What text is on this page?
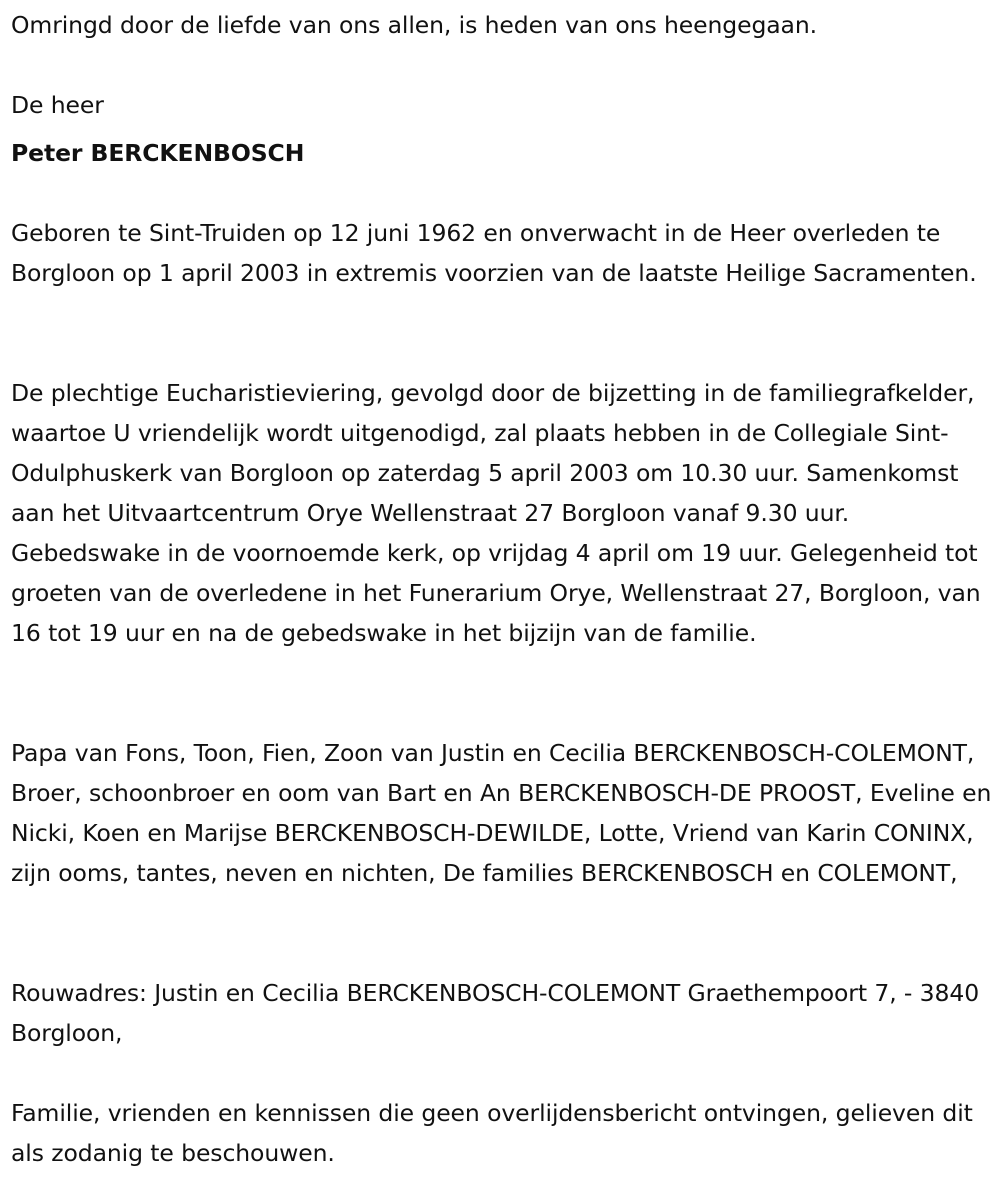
Omringd door de liefde van ons allen, is heden van ons heengegaan.

De heer

Peter BERCKENBOSCH

Geboren te Sint-Truiden op 12 juni 1962 en onverwacht in de Heer overleden te Borgloon op 1 april 2003 in extremis voorzien van de laatste Heilige Sacramenten.

De plechtige Eucharistieviering, gevolgd door de bijzetting in de familiegrafkelder, waartoe U vriendelijk wordt uitgenodigd, zal plaats hebben in de Collegiale Sint-Odulphuskerk van Borgloon op zaterdag 5 april 2003 om 10.30 uur. Samenkomst aan het Uitvaartcentrum Orye Wellenstraat 27 Borgloon vanaf 9.30 uur. Gebedswake in de voornoemde kerk, op vrijdag 4 april om 19 uur. Gelegenheid tot groeten van de overledene in het Funerarium Orye, Wellenstraat 27, Borgloon, van 16 tot 19 uur en na de gebedswake in het bijzijn van de familie.

Papa van Fons, Toon, Fien, Zoon van Justin en Cecilia BERCKENBOSCH-COLEMONT, Broer, schoonbroer en oom van Bart en An BERCKENBOSCH-DE PROOST, Eveline en Nicki, Koen en Marijse BERCKENBOSCH-DEWILDE, Lotte, Vriend van Karin CONINX, zijn ooms, tantes, neven en nichten, De families BERCKENBOSCH en COLEMONT,

Rouwadres: Justin en Cecilia BERCKENBOSCH-COLEMONT Graethempoort 7, - 3840 Borgloon,

Familie, vrienden en kennissen die geen overlijdensbericht ontvingen, gelieven dit als zodanig te beschouwen.
